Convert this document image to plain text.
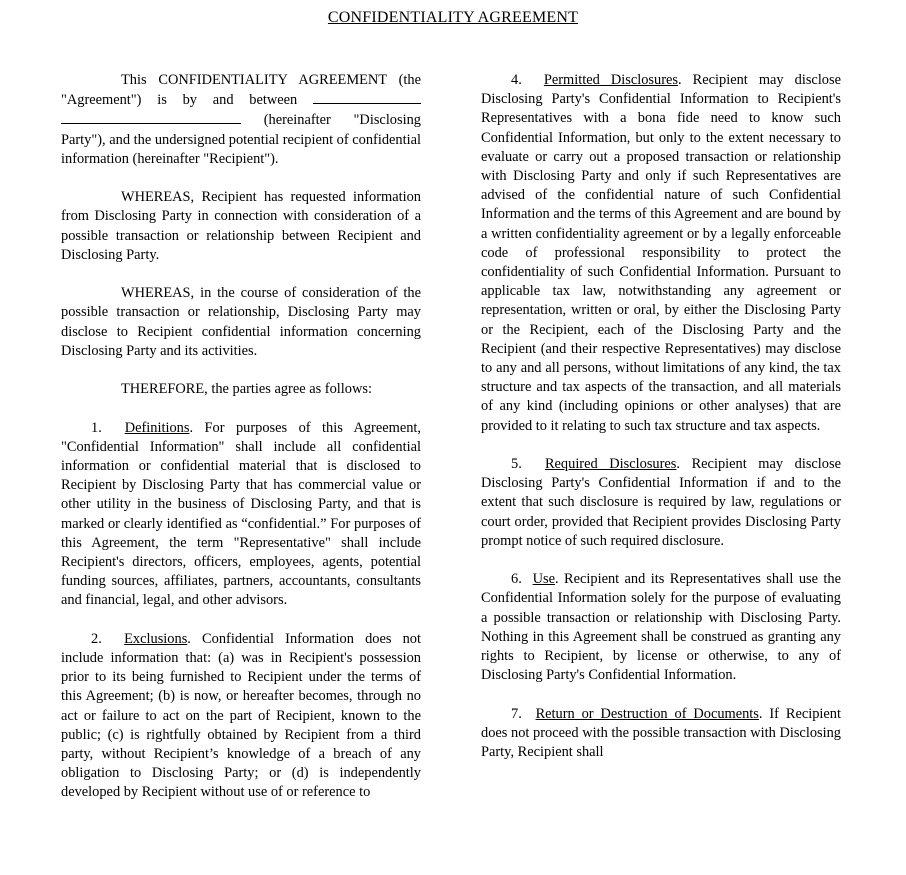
CONFIDENTIALITY AGREEMENT

This CONFIDENTIALITY AGREEMENT (the "Agreement") is by and between   (hereinafter "Disclosing Party"), and the undersigned potential recipient of confidential information (hereinafter "Recipient").

WHEREAS, Recipient has requested information from Disclosing Party in connection with consideration of a possible transaction or relationship between Recipient and Disclosing Party.

WHEREAS, in the course of consideration of the possible transaction or relationship, Disclosing Party may disclose to Recipient confidential information concerning Disclosing Party and its activities.

THEREFORE, the parties agree as follows:

1. Definitions. For purposes of this Agreement, "Confidential Information" shall include all confidential information or confidential material that is disclosed to Recipient by Disclosing Party that has commercial value or other utility in the business of Disclosing Party, and that is marked or clearly identified as “confidential.” For purposes of this Agreement, the term "Representative" shall include Recipient's directors, officers, employees, agents, potential funding sources, affiliates, partners, accountants, consultants and financial, legal, and other advisors.

2. Exclusions. Confidential Information does not include information that: (a) was in Recipient's possession prior to its being furnished to Recipient under the terms of this Agreement; (b) is now, or hereafter becomes, through no act or failure to act on the part of Recipient, known to the public; (c) is rightfully obtained by Recipient from a third party, without Recipient’s knowledge of a breach of any obligation to Disclosing Party; or (d) is independently developed by Recipient without use of or reference to

4. Permitted Disclosures. Recipient may disclose Disclosing Party's Confidential Information to Recipient's Representatives with a bona fide need to know such Confidential Information, but only to the extent necessary to evaluate or carry out a proposed transaction or relationship with Disclosing Party and only if such Representatives are advised of the confidential nature of such Confidential Information and the terms of this Agreement and are bound by a written confidentiality agreement or by a legally enforceable code of professional responsibility to protect the confidentiality of such Confidential Information. Pursuant to applicable tax law, notwithstanding any agreement or representation, written or oral, by either the Disclosing Party or the Recipient, each of the Disclosing Party and the Recipient (and their respective Representatives) may disclose to any and all persons, without limitations of any kind, the tax structure and tax aspects of the transaction, and all materials of any kind (including opinions or other analyses) that are provided to it relating to such tax structure and tax aspects.

5. Required Disclosures. Recipient may disclose Disclosing Party's Confidential Information if and to the extent that such disclosure is required by law, regulations or court order, provided that Recipient provides Disclosing Party prompt notice of such required disclosure.

6. Use. Recipient and its Representatives shall use the Confidential Information solely for the purpose of evaluating a possible transaction or relationship with Disclosing Party. Nothing in this Agreement shall be construed as granting any rights to Recipient, by license or otherwise, to any of Disclosing Party's Confidential Information.

7. Return or Destruction of Documents. If Recipient does not proceed with the possible transaction with Disclosing Party, Recipient shall
